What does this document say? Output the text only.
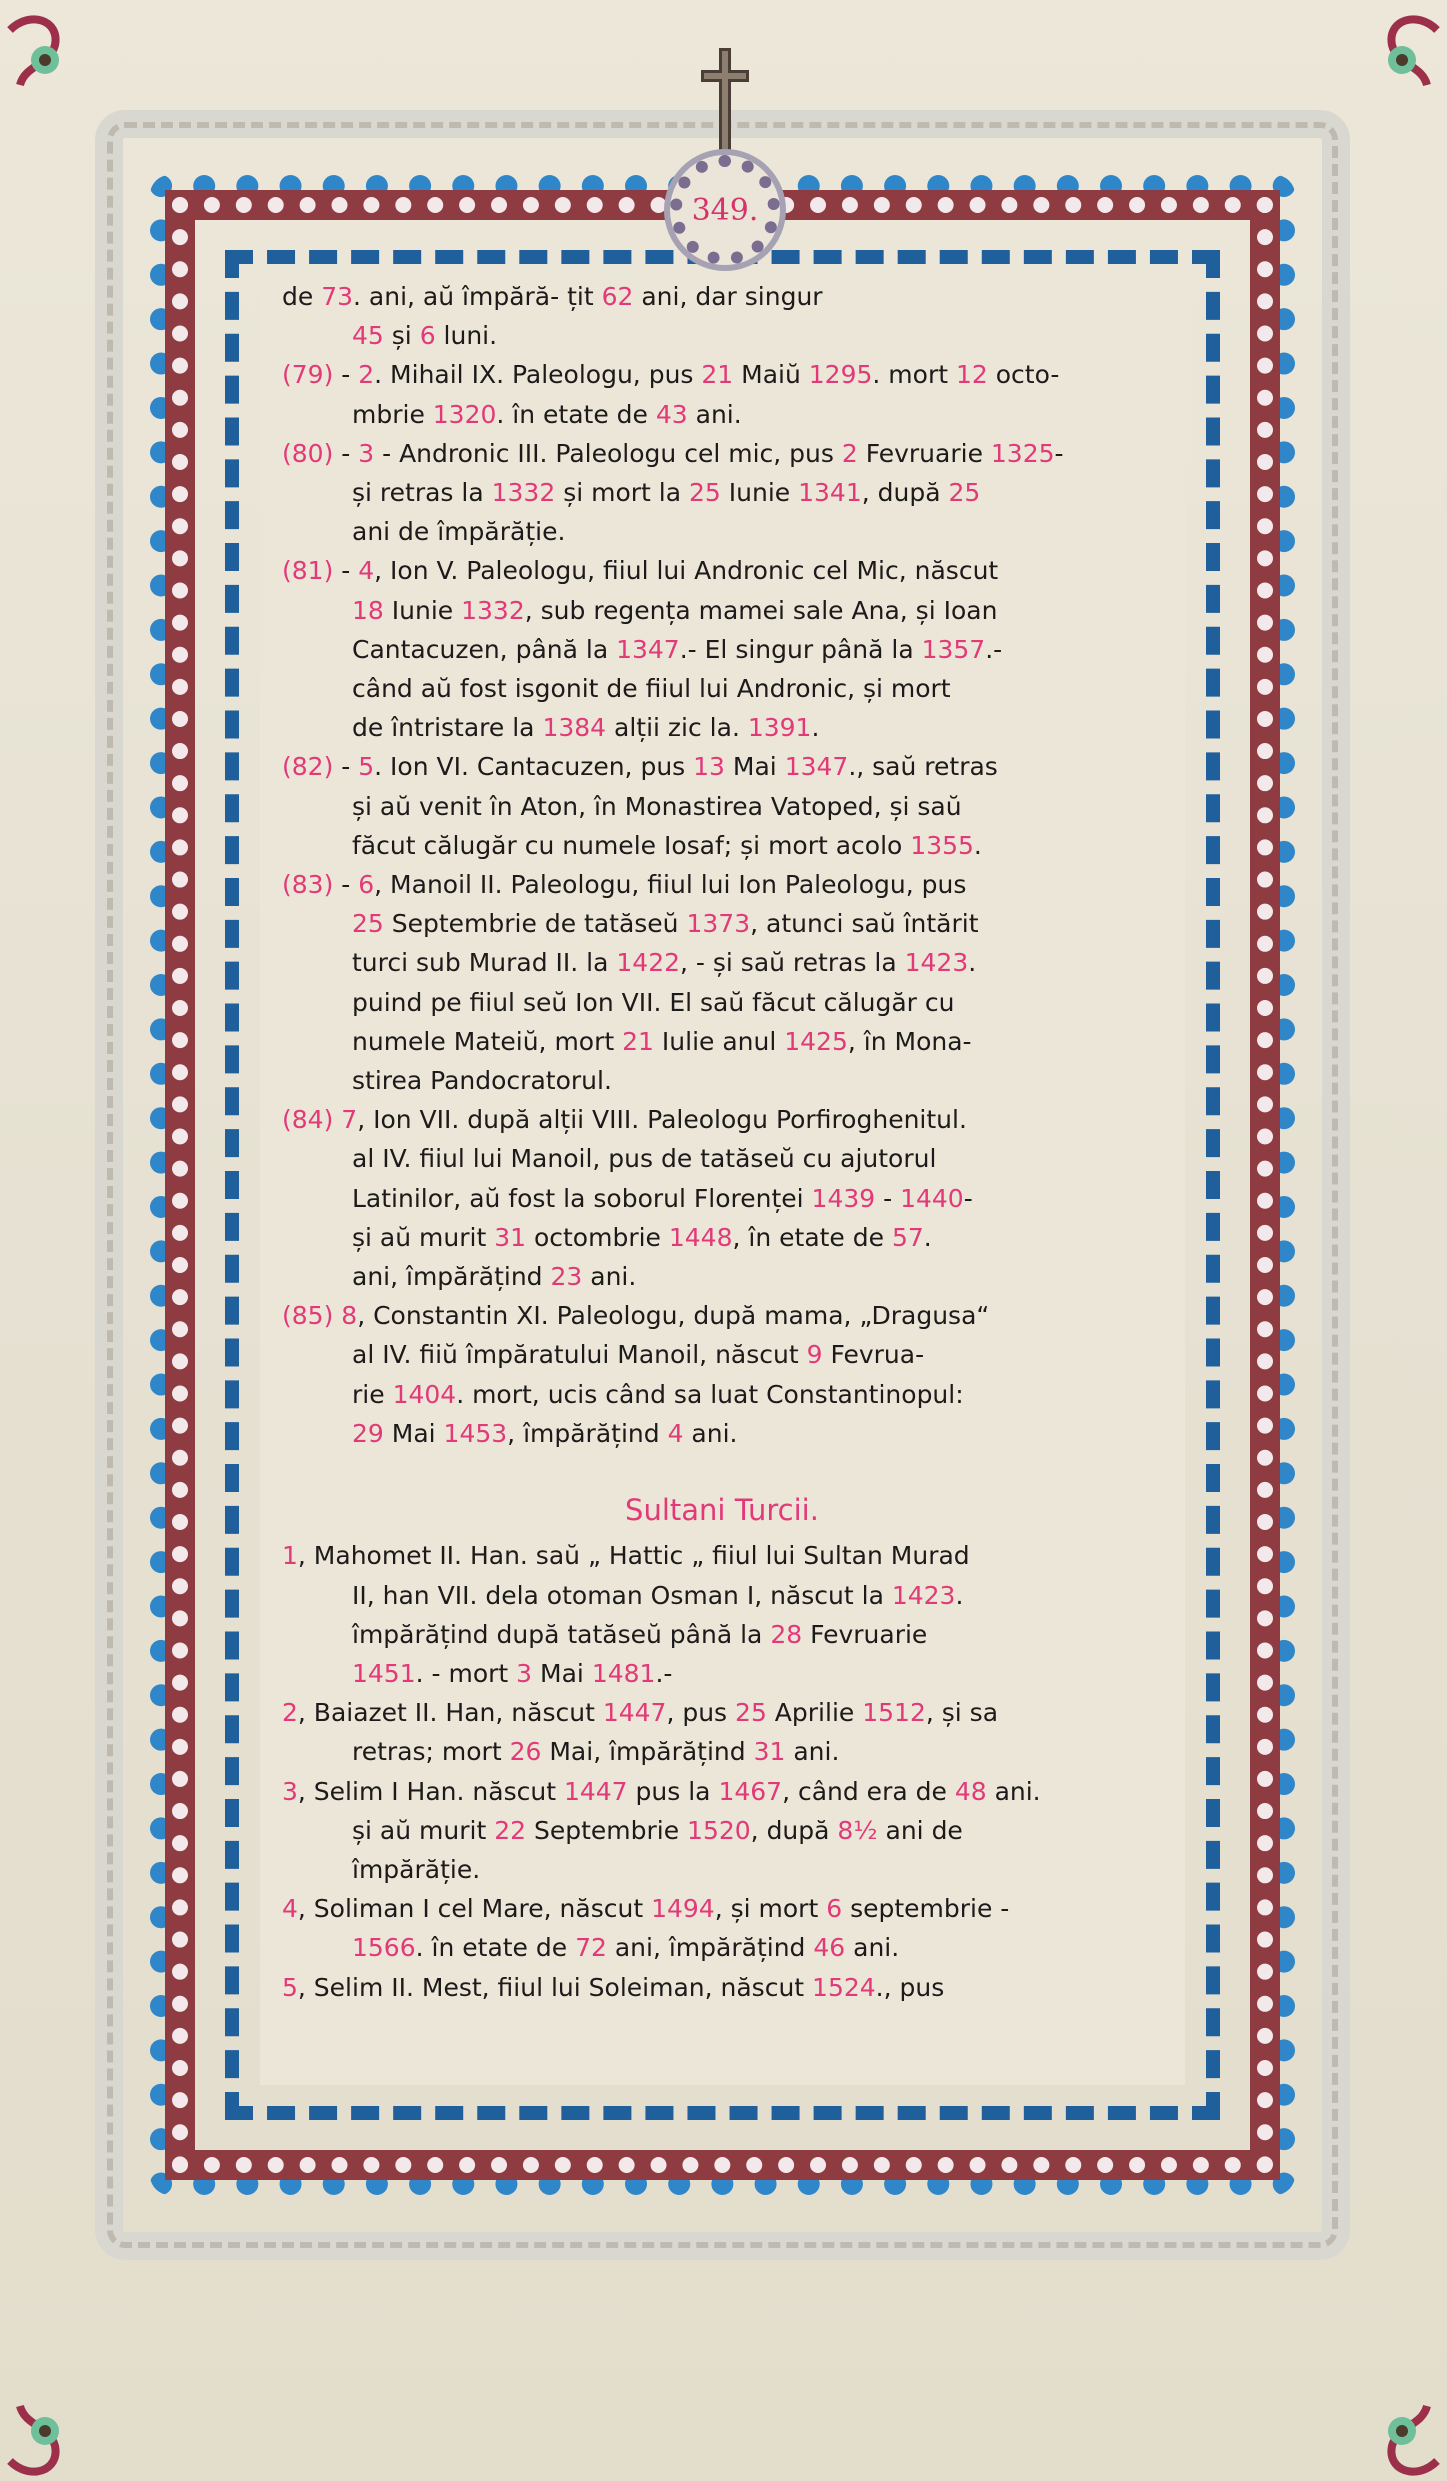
349.
de 73. ani, aŭ împără- țit 62 ani, dar singur
45 și 6 luni.
(79) - 2. Mihail IX. Paleologu, pus 21 Maiŭ 1295. mort 12 octo-
mbrie 1320. în etate de 43 ani.
(80) - 3 - Andronic III. Paleologu cel mic, pus 2 Fevruarie 1325-
și retras la 1332 și mort la 25 Iunie 1341, după 25
ani de împărăție.
(81) - 4, Ion V. Paleologu, fiiul lui Andronic cel Mic, născut
18 Iunie 1332, sub regența mamei sale Ana, și Ioan
Cantacuzen, până la 1347.- El singur până la 1357.-
când aŭ fost isgonit de fiiul lui Andronic, și mort
de întristare la 1384 alții zic la. 1391.
(82) - 5. Ion VI. Cantacuzen, pus 13 Mai 1347., saŭ retras
și aŭ venit în Aton, în Monastirea Vatoped, și saŭ
făcut călugăr cu numele Iosaf; și mort acolo 1355.
(83) - 6, Manoil II. Paleologu, fiiul lui Ion Paleologu, pus
25 Septembrie de tatăseŭ 1373, atunci saŭ întărit
turci sub Murad II. la 1422, - și saŭ retras la 1423.
puind pe fiiul seŭ Ion VII. El saŭ făcut călugăr cu
numele Mateiŭ, mort 21 Iulie anul 1425, în Mona-
stirea Pandocratorul.
(84) 7, Ion VII. după alții VIII. Paleologu Porfiroghenitul.
al IV. fiiul lui Manoil, pus de tatăseŭ cu ajutorul
Latinilor, aŭ fost la soborul Florenței 1439 - 1440-
și aŭ murit 31 octombrie 1448, în etate de 57.
ani, împărățind 23 ani.
(85) 8, Constantin XI. Paleologu, după mama, „Dragusa“
al IV. fiiŭ împăratului Manoil, născut 9 Fevrua-
rie 1404. mort, ucis când sa luat Constantinopul:
29 Mai 1453, împărățind 4 ani.
Sultani Turcii.
1, Mahomet II. Han. saŭ „ Hattic „ fiiul lui Sultan Murad
II, han VII. dela otoman Osman I, născut la 1423.
împărățind după tatăseŭ până la 28 Fevruarie
1451. - mort 3 Mai 1481.-
2, Baiazet II. Han, născut 1447, pus 25 Aprilie 1512, și sa
retras; mort 26 Mai, împărățind 31 ani.
3, Selim I Han. născut 1447 pus la 1467, când era de 48 ani.
și aŭ murit 22 Septembrie 1520, după 8½ ani de
împărăție.
4, Soliman I cel Mare, născut 1494, și mort 6 septembrie -
1566. în etate de 72 ani, împărățind 46 ani.
5, Selim II. Mest, fiiul lui Soleiman, născut 1524., pus
